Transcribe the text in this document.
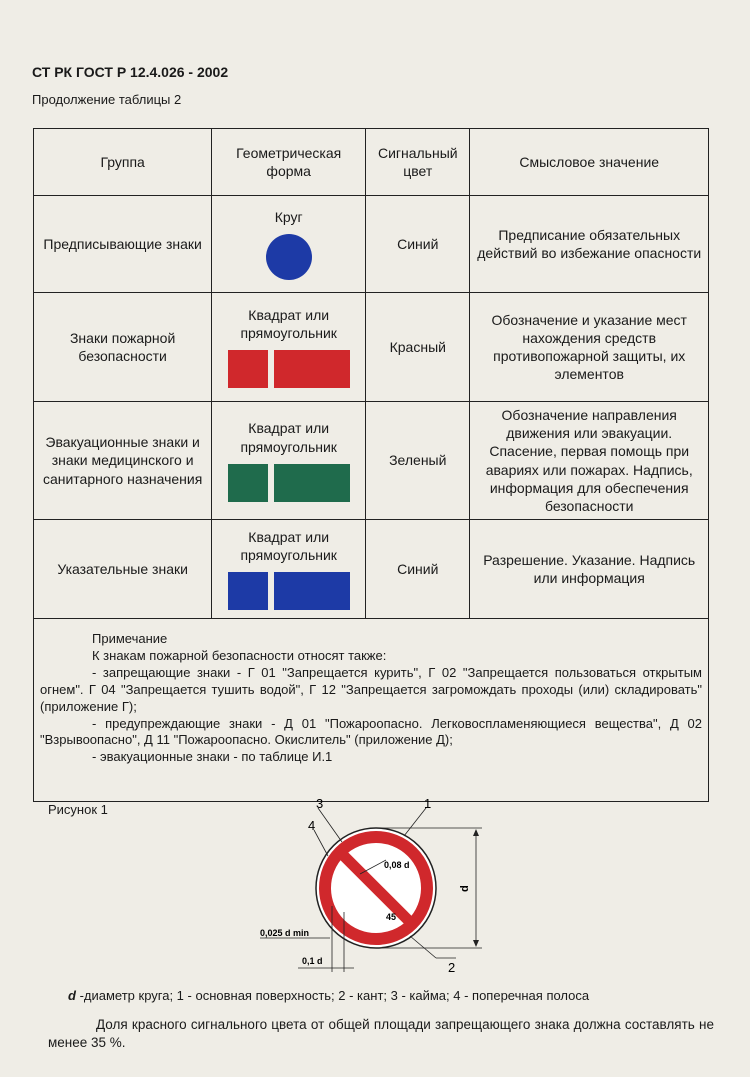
СТ РК ГОСТ Р 12.4.026 - 2002
Продолжение таблицы 2
Группа	Геометрическая форма	Сигнальный цвет	Смысловое значение
Предписывающие знаки	Круг	Синий	Предписание обязательных действий во избежание опасности
Знаки пожарной безопасности	Квадрат или прямоугольник	Красный	Обозначение и указание мест нахождения средств противопожарной защиты, их элементов
Эвакуационные знаки и знаки медицинского и санитарного назначения	Квадрат или прямоугольник	Зеленый	Обозначение направления движения или эвакуации. Спасение, первая помощь при авариях или пожарах. Надпись, информация для обеспечения безопасности
Указательные знаки	Квадрат или прямоугольник	Синий	Разрешение. Указание. Надпись или информация

Примечание
К знакам пожарной безопасности относят также:
- запрещающие знаки - Г 01 "Запрещается курить", Г 02 "Запрещается пользоваться открытым огнем". Г 04 "Запрещается тушить водой", Г 12 "Запрещается загромождать проходы (или) складировать" (приложение Г);
- предупреждающие знаки - Д 01 "Пожароопасно. Легковоспламеняющиеся вещества", Д 02 "Взрывоопасно", Д 11 "Пожароопасно. Окислитель" (приложение Д);
- эвакуационные знаки - по таблице И.1			
Рисунок 1
d
0,08 d
45
0,025 d min
0,1 d
3
4
1
2
d -диаметр круга; 1 - основная поверхность; 2 - кант; 3 - кайма; 4 - поперечная полоса
Доля красного сигнального цвета от общей площади запрещающего знака должна составлять не менее 35 %.
